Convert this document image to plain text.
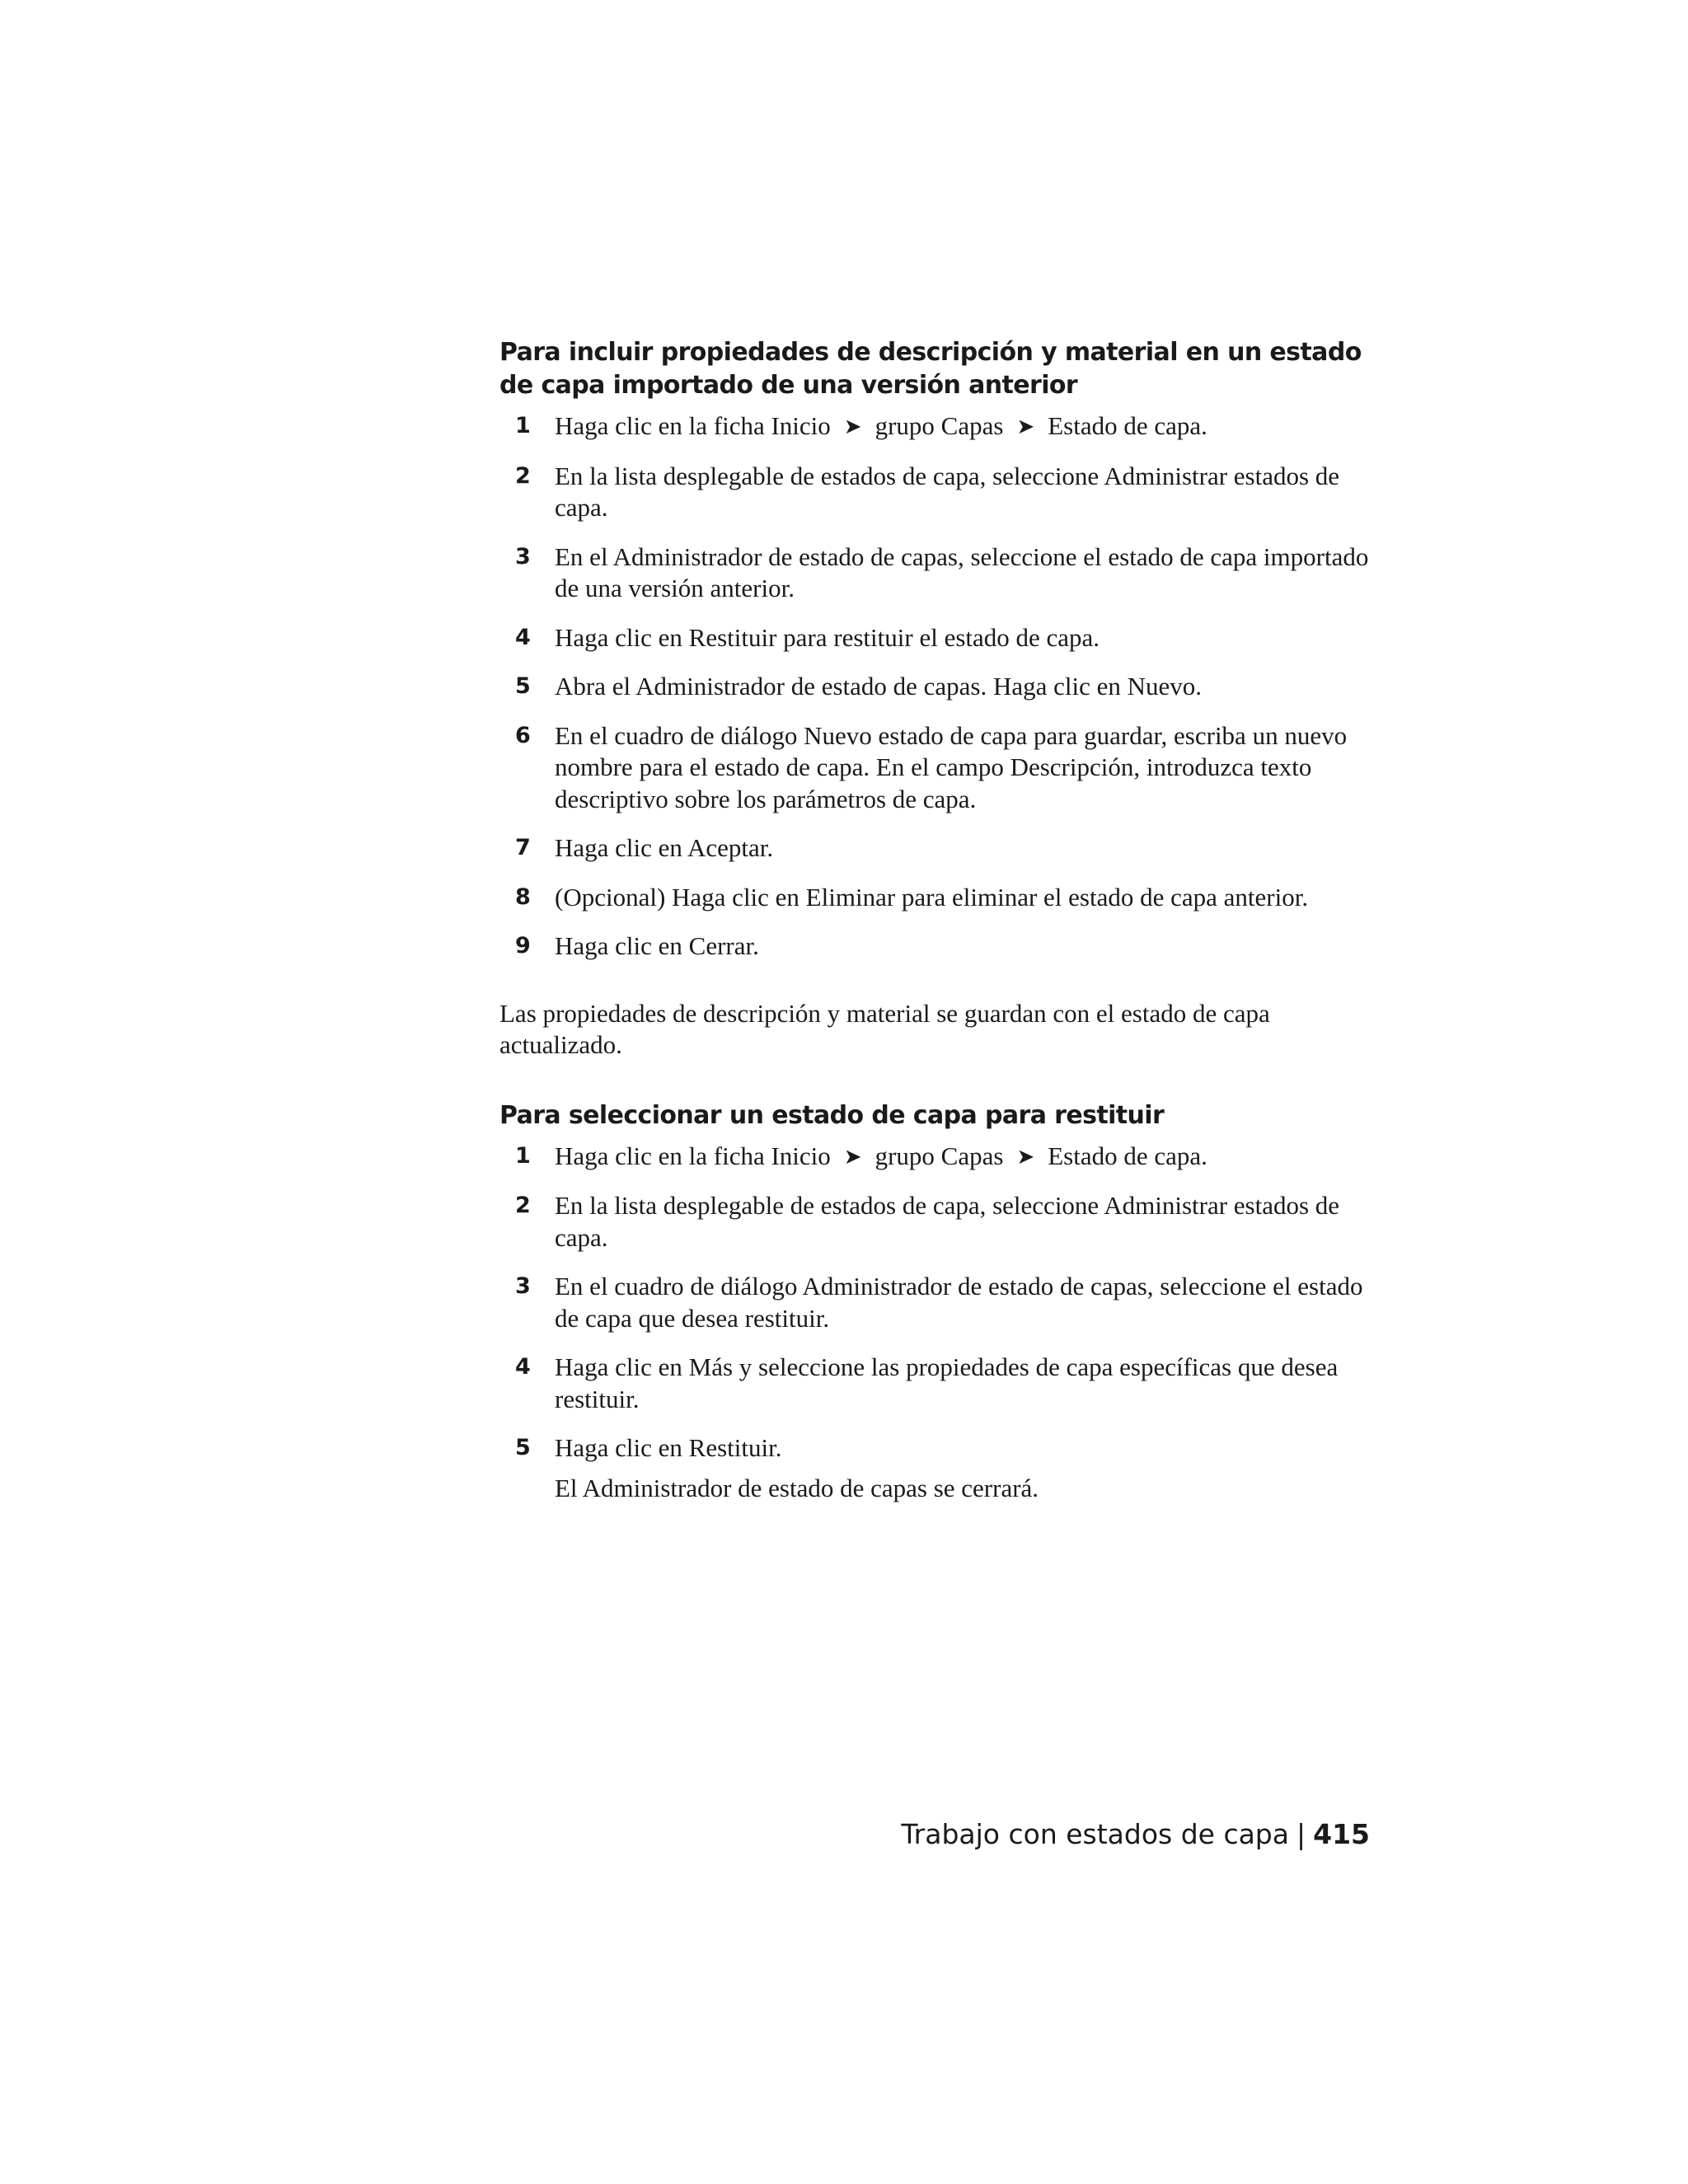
Para incluir propiedades de descripción y material en un estado de capa importado de una versión anterior
1 Haga clic en la ficha Inicio ➤ grupo Capas ➤ Estado de capa.
2 En la lista desplegable de estados de capa, seleccione Administrar estados de capa.
3 En el Administrador de estado de capas, seleccione el estado de capa importado de una versión anterior.
4 Haga clic en Restituir para restituir el estado de capa.
5 Abra el Administrador de estado de capas. Haga clic en Nuevo.
6 En el cuadro de diálogo Nuevo estado de capa para guardar, escriba un nuevo nombre para el estado de capa. En el campo Descripción, introduzca texto descriptivo sobre los parámetros de capa.
7 Haga clic en Aceptar.
8 (Opcional) Haga clic en Eliminar para eliminar el estado de capa anterior.
9 Haga clic en Cerrar.

Las propiedades de descripción y material se guardan con el estado de capa actualizado.

Para seleccionar un estado de capa para restituir
1 Haga clic en la ficha Inicio ➤ grupo Capas ➤ Estado de capa.
2 En la lista desplegable de estados de capa, seleccione Administrar estados de capa.
3 En el cuadro de diálogo Administrador de estado de capas, seleccione el estado de capa que desea restituir.
4 Haga clic en Más y seleccione las propiedades de capa específicas que desea restituir.
5 Haga clic en Restituir.
El Administrador de estado de capas se cerrará.
Trabajo con estados de capa | 415
